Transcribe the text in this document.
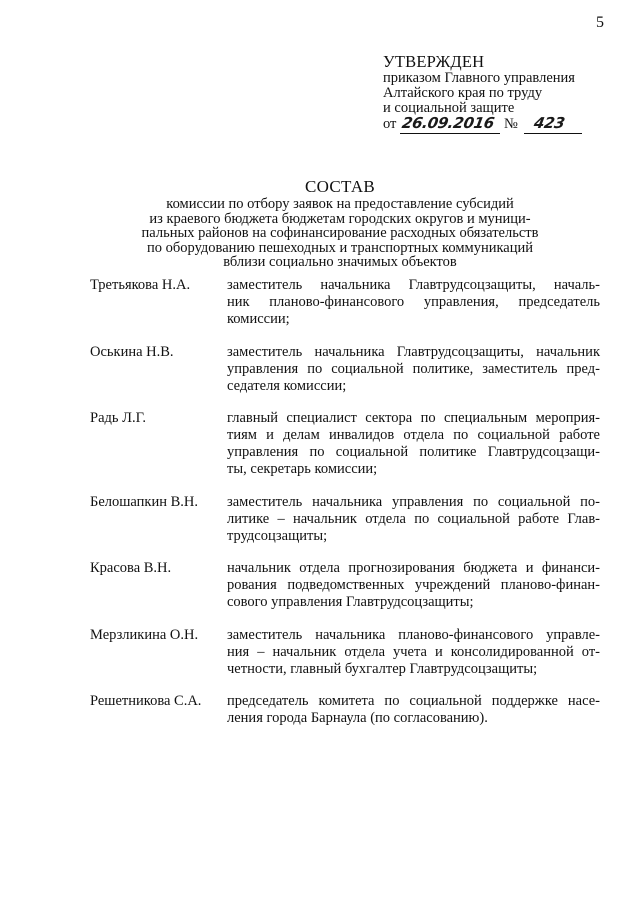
5
УТВЕРЖДЕН
приказом Главного управления
Алтайского края по труду
и социальной защите
от 26.09.2016 № 423
СОСТАВ
комиссии по отбору заявок на предоставление субсидий
из краевого бюджета бюджетам городских округов и муници-
пальных районов на софинансирование расходных обязательств
по оборудованию пешеходных и транспортных коммуникаций
вблизи социально значимых объектов
Третьякова Н.А.	заместитель начальника Главтрудсоцзащиты, началь-
ник планово-финансового управления, председатель
комиссии;
Оськина Н.В.	заместитель начальника Главтрудсоцзащиты, начальник
управления по социальной политике, заместитель пред-
седателя комиссии;
Радь Л.Г.	главный специалист сектора по специальным мероприя-
тиям и делам инвалидов отдела по социальной работе
управления по социальной политике Главтрудсоцзащи-
ты, секретарь комиссии;
Белошапкин В.Н.	заместитель начальника управления по социальной по-
литике – начальник отдела по социальной работе Глав-
трудсоцзащиты;
Красова В.Н.	начальник отдела прогнозирования бюджета и финанси-
рования подведомственных учреждений планово-финан-
сового управления Главтрудсоцзащиты;
Мерзликина О.Н.	заместитель начальника планово-финансового управле-
ния – начальник отдела учета и консолидированной от-
четности, главный бухгалтер Главтрудсоцзащиты;
Решетникова С.А.	председатель комитета по социальной поддержке насе-
ления города Барнаула (по согласованию).
